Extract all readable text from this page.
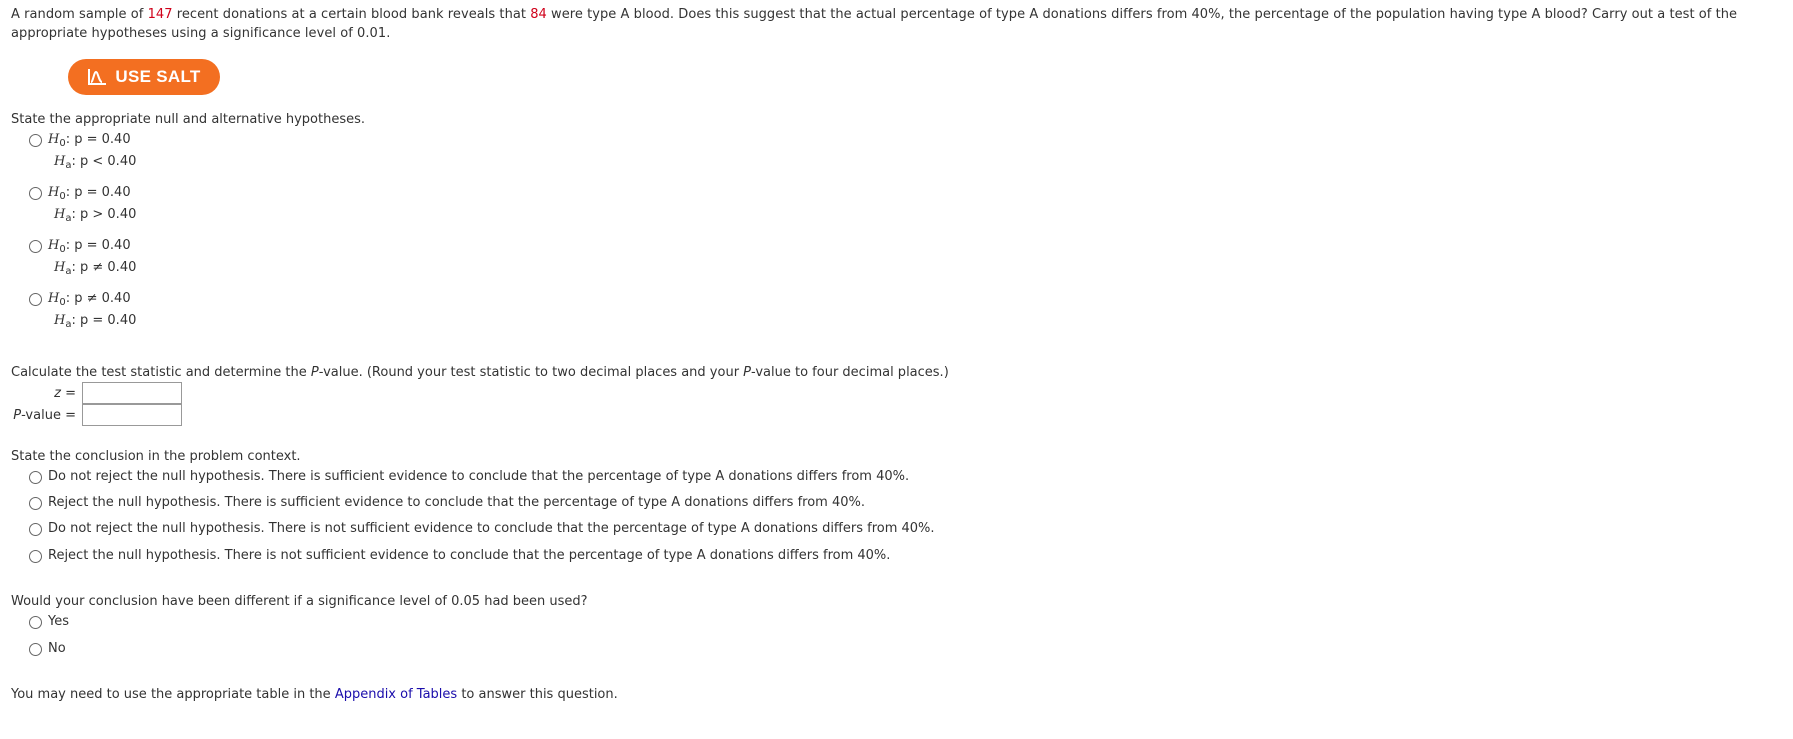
A random sample of 147 recent donations at a certain blood bank reveals that 84 were type A blood. Does this suggest that the actual percentage of type A donations differs from 40%, the percentage of the population having type A blood? Carry out a test of the appropriate hypotheses using a significance level of 0.01.
USE SALT
State the appropriate null and alternative hypotheses.
$H_0$: p = 0.40
$H_a$: p < 0.40
$H_0$: p = 0.40
$H_a$: p > 0.40
$H_0$: p = 0.40
$H_a$: p ≠ 0.40
$H_0$: p ≠ 0.40
$H_a$: p = 0.40
Calculate the test statistic and determine the P-value. (Round your test statistic to two decimal places and your P-value to four decimal places.)
z =
P-value =
State the conclusion in the problem context.
Do not reject the null hypothesis. There is sufficient evidence to conclude that the percentage of type A donations differs from 40%.
Reject the null hypothesis. There is sufficient evidence to conclude that the percentage of type A donations differs from 40%.
Do not reject the null hypothesis. There is not sufficient evidence to conclude that the percentage of type A donations differs from 40%.
Reject the null hypothesis. There is not sufficient evidence to conclude that the percentage of type A donations differs from 40%.
Would your conclusion have been different if a significance level of 0.05 had been used?
Yes
No
You may need to use the appropriate table in the Appendix of Tables to answer this question.
